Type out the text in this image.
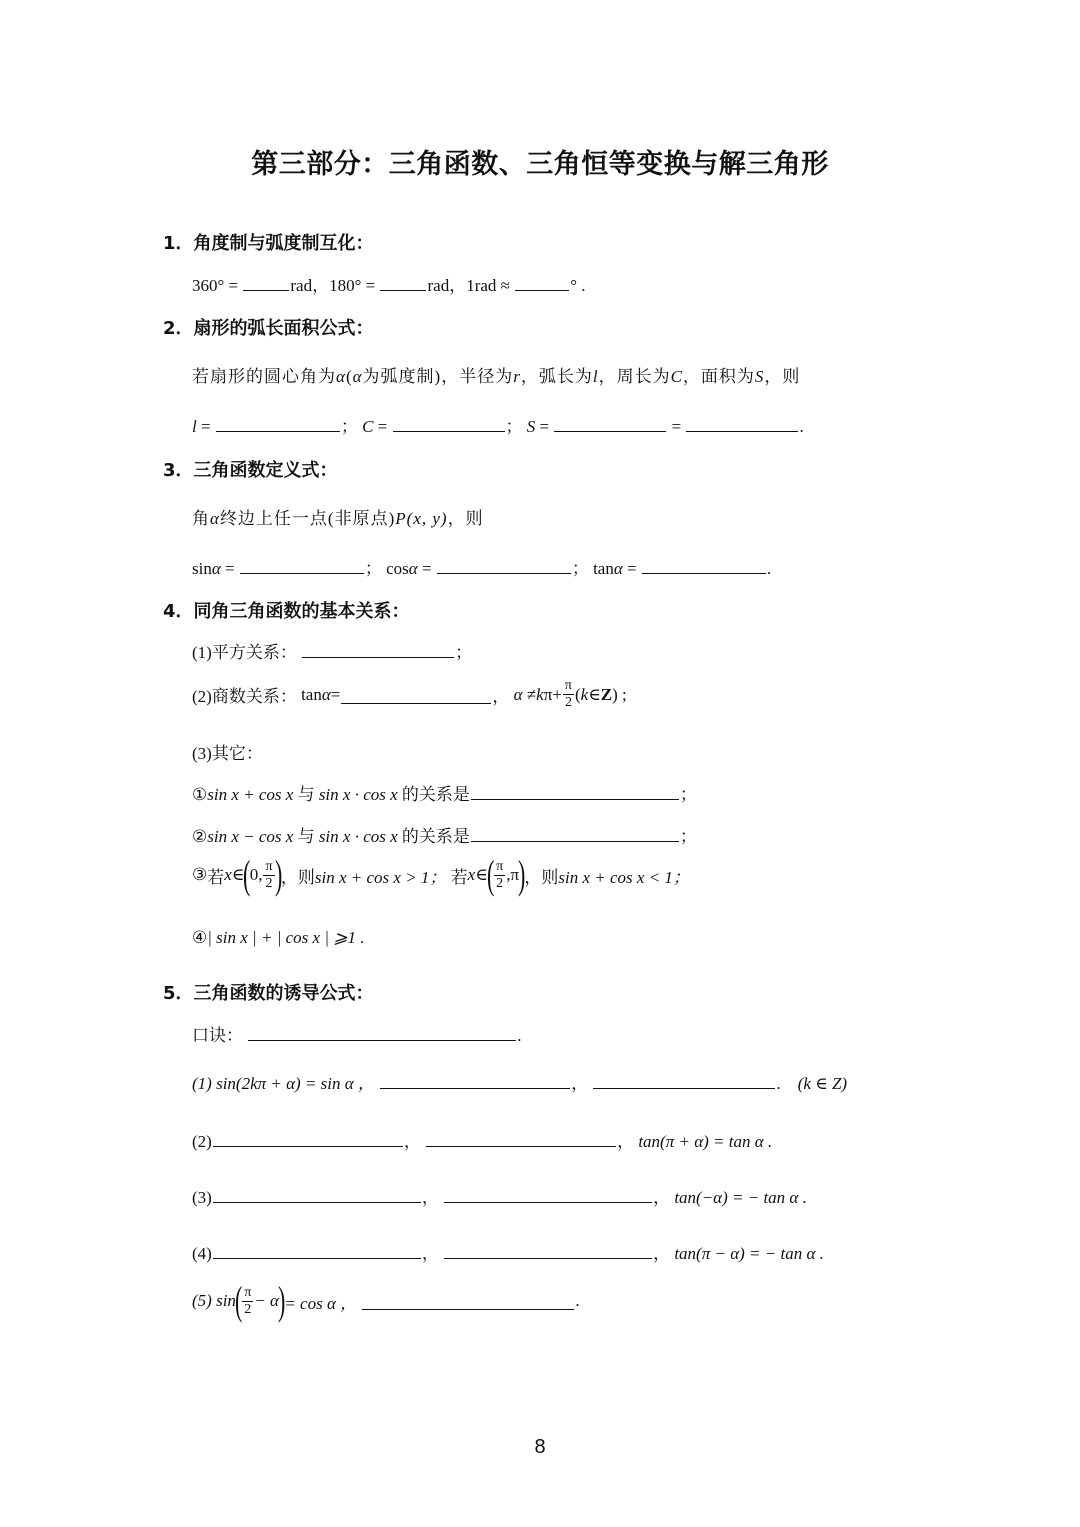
第三部分：三角函数、三角恒等变换与解三角形
1．角度制与弧度制互化：
360° =	rad，180° =	rad，1rad ≈	° .
2．扇形的弧长面积公式：
若扇形的圆心角为α(α为弧度制)，半径为r，弧长为l，周长为C，面积为S，则
l =	； C =	； S =	=	.
3．三角函数定义式：
角α终边上任一点(非原点)P(x, y)，则
sinα =	； cosα =	； tanα =	.
4．同角三角函数的基本关系：
(1)平方关系：	；
(2)商数关系：
tan α =	，
α
≠ k $\pi + \frac{\pi}{2}$ ( k ∈ Z ) ;
(3)其它：
①sin x + cos x 与 sin x · cos x 的关系是	；
②sin x − cos x 与 sin x · cos x 的关系是	；
③ 若 x ∈
(
0, $\frac{\pi}{2}$ )
，则 sin x + cos x > 1；
若 x ∈
( $\frac{\pi}{2} ,\pi$
)
，则 sin x + cos x < 1；
④| sin x | + | cos x | ⩾1 .
5．三角函数的诱导公式：
口诀：	.
(1) sin(2kπ + α) = sin α ，	，	. (k ∈ Z)
(2)	，	， tan(π + α) = tan α .
(3)	，	， tan(−α) = − tan α .
(4)	，	， tan(π − α) = − tan α .
(5) sin
( $\frac{\pi}{2} - \alpha$
)
= cos α ，
	.
8
